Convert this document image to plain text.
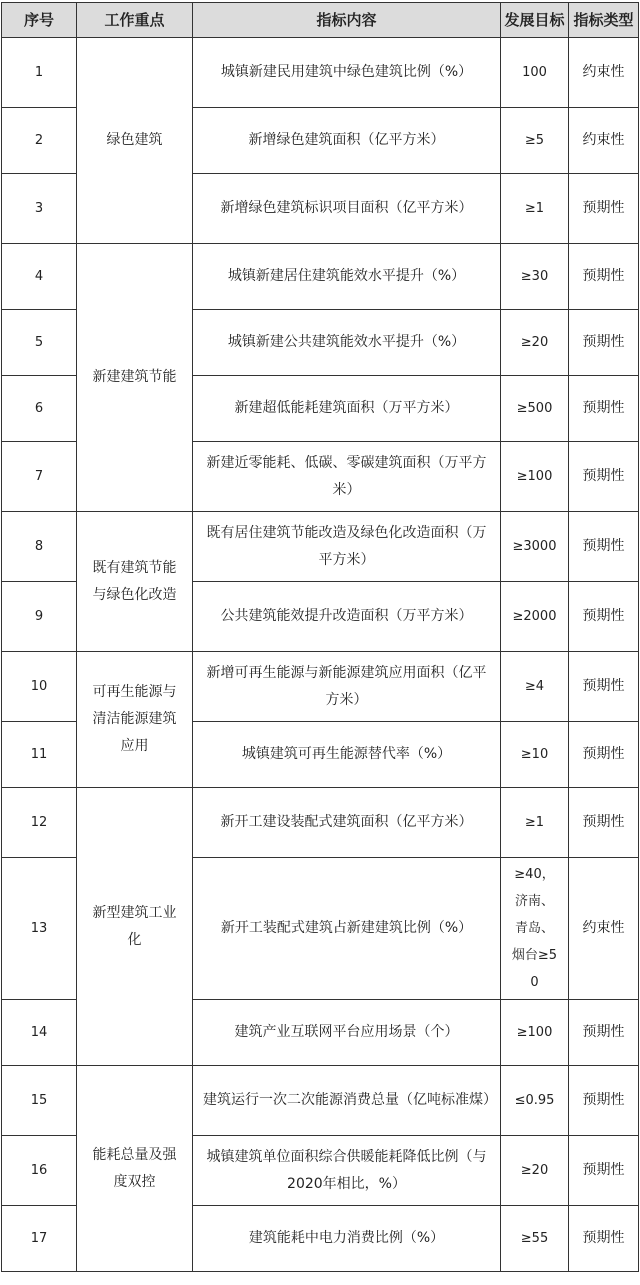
序号	工作重点	指标内容	发展目标	指标类型
1	绿色建筑	城镇新建民用建筑中绿色建筑比例（%）	100	约束性
2		新增绿色建筑面积（亿平方米）	≥5	约束性
3		新增绿色建筑标识项目面积（亿平方米）	≥1	预期性
4	新建建筑节能	城镇新建居住建筑能效水平提升（%）	≥30	预期性
5		城镇新建公共建筑能效水平提升（%）	≥20	预期性
6		新建超低能耗建筑面积（万平方米）	≥500	预期性
7		新建近零能耗、低碳、零碳建筑面积（万平方米）	≥100	预期性
8	既有建筑节能与绿色化改造	既有居住建筑节能改造及绿色化改造面积（万平方米）	≥3000	预期性
9		公共建筑能效提升改造面积（万平方米）	≥2000	预期性
10	可再生能源与清洁能源建筑应用	新增可再生能源与新能源建筑应用面积（亿平方米）	≥4	预期性
11		城镇建筑可再生能源替代率（%）	≥10	预期性
12	新型建筑工业化	新开工建设装配式建筑面积（亿平方米）	≥1	预期性
13		新开工装配式建筑占新建建筑比例（%）	≥40，济南、青岛、烟台≥50	约束性
14		建筑产业互联网平台应用场景（个）	≥100	预期性
15	能耗总量及强度双控	建筑运行一次二次能源消费总量（亿吨标准煤）	≤0.95	预期性
16		城镇建筑单位面积综合供暖能耗降低比例（与2020年相比，%）	≥20	预期性
17		建筑能耗中电力消费比例（%）	≥55	预期性
